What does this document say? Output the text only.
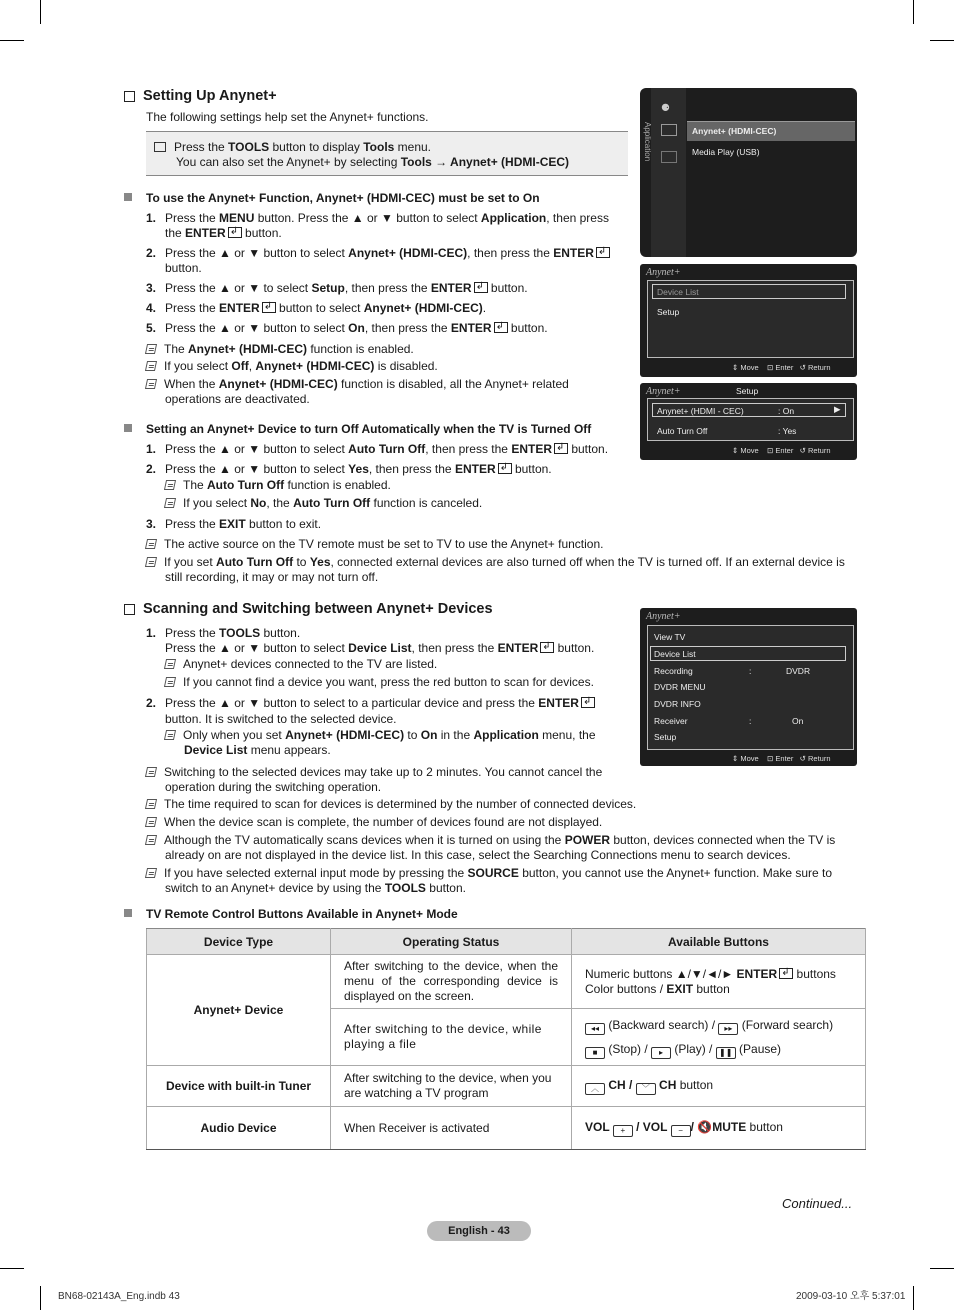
Setting Up Anynet+
The following settings help set the Anynet+ functions.
Press the TOOLS button to display Tools menu.
You can also set the Anynet+ by selecting Tools → Anynet+ (HDMI-CEC)
To use the Anynet+ Function, Anynet+ (HDMI-CEC) must be set to On
1. Press the MENU button. Press the ▲ or ▼ button to select Application, then press
the ENTER↲ button.
2. Press the ▲ or ▼ button to select Anynet+ (HDMI-CEC), then press the ENTER↲
button.
3. Press the ▲ or ▼ to select Setup, then press the ENTER↲ button.
4. Press the ENTER↲ button to select Anynet+ (HDMI-CEC).
5. Press the ▲ or ▼ button to select On, then press the ENTER↲ button.
The Anynet+ (HDMI-CEC) function is enabled.
If you select Off, Anynet+ (HDMI-CEC) is disabled.
When the Anynet+ (HDMI-CEC) function is disabled, all the Anynet+ related
operations are deactivated.
Setting an Anynet+ Device to turn Off Automatically when the TV is Turned Off
1. Press the ▲ or ▼ button to select Auto Turn Off, then press the ENTER↲ button.
2. Press the ▲ or ▼ button to select Yes, then press the ENTER↲ button.
The Auto Turn Off function is enabled.
If you select No, the Auto Turn Off function is canceled.
3. Press the EXIT button to exit.
The active source on the TV remote must be set to TV to use the Anynet+ function.
If you set Auto Turn Off to Yes, connected external devices are also turned off when the TV is turned off. If an external device is
still recording, it may or may not turn off.
Scanning and Switching between Anynet+ Devices
1. Press the TOOLS button.
Press the ▲ or ▼ button to select Device List, then press the ENTER↲ button.
Anynet+ devices connected to the TV are listed.
If you cannot find a device you want, press the red button to scan for devices.
2. Press the ▲ or ▼ button to select to a particular device and press the ENTER↲
button. It is switched to the selected device.
Only when you set Anynet+ (HDMI-CEC) to On in the Application menu, the
Device List menu appears.
Switching to the selected devices may take up to 2 minutes. You cannot cancel the
operation during the switching operation.
The time required to scan for devices is determined by the number of connected devices.
When the device scan is complete, the number of devices found are not displayed.
Although the TV automatically scans devices when it is turned on using the POWER button, devices connected when the TV is
already on are not displayed in the device list. In this case, select the Searching Connections menu to search devices.
If you have selected external input mode by pressing the SOURCE button, you cannot use the Anynet+ function. Make sure to
switch to an Anynet+ device by using the TOOLS button.
TV Remote Control Buttons Available in Anynet+ Mode
Device Type	Operating Status	Available Buttons
Anynet+ Device	After switching to the device, when the menu of the corresponding device is displayed on the screen.	Numeric buttons ▲/▼/◄/► ENTER↲ buttons
Color buttons / EXIT button
	After switching to the device, while playing a file	◂◂ (Backward search) / ▸▸ (Forward search)
■ (Stop) / ▸ (Play) / ❚❚ (Pause)
Device with built-in Tuner	After switching to the device, when you are watching a TV program	︿ CH / ﹀ CH button
Audio Device	When Receiver is activated	VOL + / VOL − / 🔇MUTE button
Application
⚈
Anynet+ (HDMI-CEC)
Media Play (USB)
Anynet+
Device List
Setup
⇕ Move    ⊡ Enter   ↺ Return
Anynet+	Setup
Anynet+ (HDMI - CEC)	: On	▶
Auto Turn Off	: Yes
⇕ Move    ⊡ Enter   ↺ Return
Anynet+
View TV
Device List
Recording	:	DVDR
DVDR MENU
DVDR INFO
Receiver	:	On
Setup
⇕ Move    ⊡ Enter   ↺ Return
Continued...
English - 43
BN68-02143A_Eng.indb 43	2009-03-10 오후 5:37:01
